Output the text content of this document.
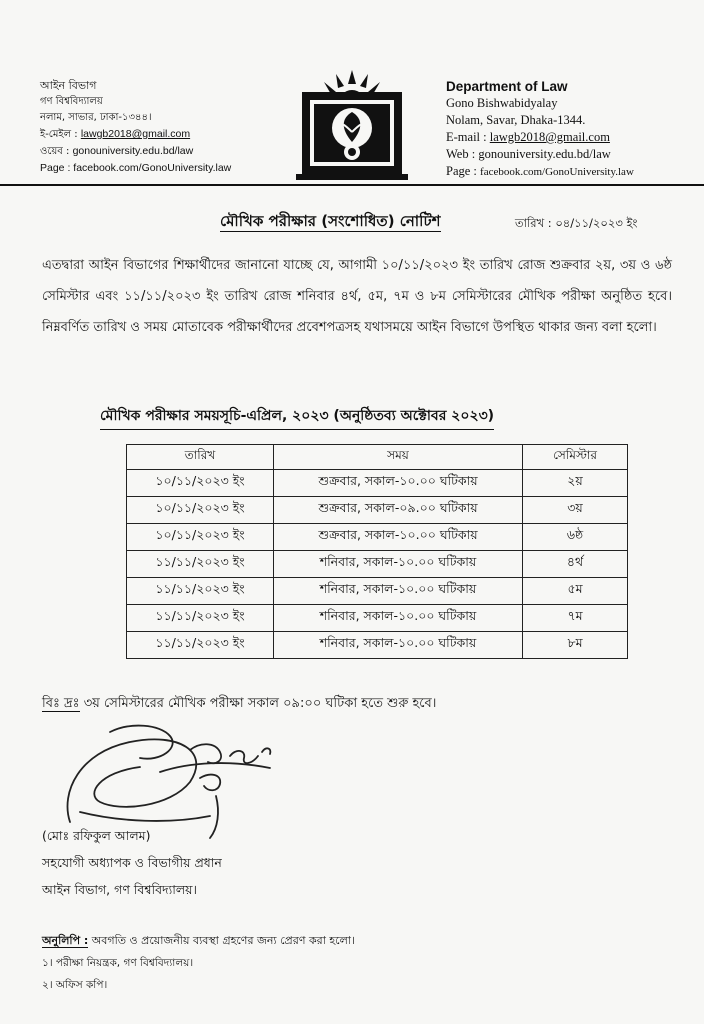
আইন বিভাগ
গণ বিশ্ববিদ্যালয়
নলাম, সাভার, ঢাকা-১৩৪৪।
ই-মেইল : lawgb2018@gmail.com
ওয়েব : gonouniversity.edu.bd/law
Page : facebook.com/GonoUniversity.law
Department of Law
Gono Bishwabidyalay
Nolam, Savar, Dhaka-1344.
E-mail : lawgb2018@gmail.com
Web : gonouniversity.edu.bd/law
Page : facebook.com/GonoUniversity.law
মৌখিক পরীক্ষার (সংশোধিত) নোটিশ	তারিখ : ০৪/১১/২০২৩ ইং
এতদ্বারা আইন বিভাগের শিক্ষার্থীদের জানানো যাচ্ছে যে, আগামী ১০/১১/২০২৩ ইং তারিখ রোজ শুক্রবার ২য়, ৩য় ও ৬ষ্ঠ সেমিস্টার এবং ১১/১১/২০২৩ ইং তারিখ রোজ শনিবার ৪র্থ, ৫ম, ৭ম ও ৮ম সেমিস্টারের মৌখিক পরীক্ষা অনুষ্ঠিত হবে। নিম্নবর্ণিত তারিখ ও সময় মোতাবেক পরীক্ষার্থীদের প্রবেশপত্রসহ যথাসময়ে আইন বিভাগে উপস্থিত থাকার জন্য বলা হলো।
মৌখিক পরীক্ষার সময়সূচি-এপ্রিল, ২০২৩ (অনুষ্ঠিতব্য অক্টোবর ২০২৩)
তারিখ	সময়	সেমিস্টার
১০/১১/২০২৩ ইং	শুক্রবার, সকাল-১০.০০ ঘটিকায়	২য়
১০/১১/২০২৩ ইং	শুক্রবার, সকাল-০৯.০০ ঘটিকায়	৩য়
১০/১১/২০২৩ ইং	শুক্রবার, সকাল-১০.০০ ঘটিকায়	৬ষ্ঠ
১১/১১/২০২৩ ইং	শনিবার, সকাল-১০.০০ ঘটিকায়	৪র্থ
১১/১১/২০২৩ ইং	শনিবার, সকাল-১০.০০ ঘটিকায়	৫ম
১১/১১/২০২৩ ইং	শনিবার, সকাল-১০.০০ ঘটিকায়	৭ম
১১/১১/২০২৩ ইং	শনিবার, সকাল-১০.০০ ঘটিকায়	৮ম
বিঃ দ্রঃ ৩য় সেমিস্টারের মৌখিক পরীক্ষা সকাল ০৯:০০ ঘটিকা হতে শুরু হবে।
(মোঃ রফিকুল আলম)
সহযোগী অধ্যাপক ও বিভাগীয় প্রধান
আইন বিভাগ, গণ বিশ্ববিদ্যালয়।
অনুলিপি : অবগতি ও প্রয়োজনীয় ব্যবস্থা গ্রহণের জন্য প্রেরণ করা হলো।
১। পরীক্ষা নিয়ন্ত্রক, গণ বিশ্ববিদ্যালয়।
২। অফিস কপি।
